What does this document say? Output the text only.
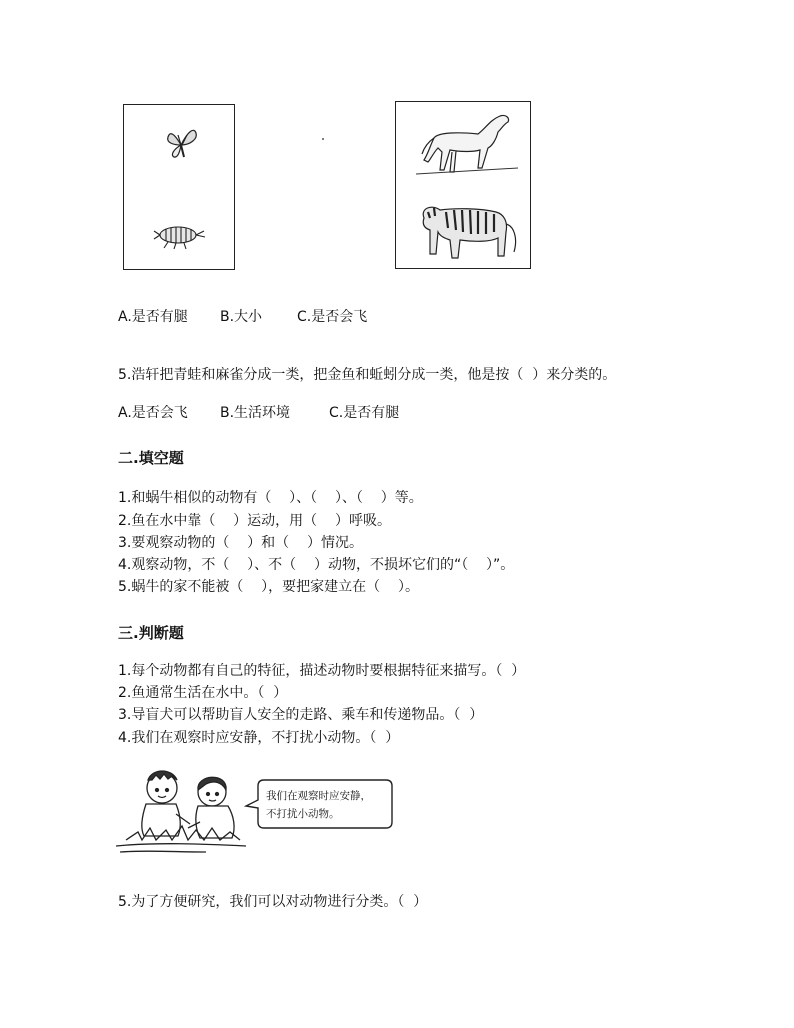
A.是否有腿 B.大小 C.是否会飞
5.浩轩把青蛙和麻雀分成一类，把金鱼和蚯蚓分成一类，他是按（  ）来分类的。
A.是否会飞 B.生活环境	C.是否有腿
二.填空题
1.和蜗牛相似的动物有（    ）、（    ）、（    ）等。
2.鱼在水中靠（    ）运动，用（    ）呼吸。
3.要观察动物的（    ）和（    ）情况。
4.观察动物，不（    ）、不（    ）动物，不损坏它们的“（    ）”。
5.蜗牛的家不能被（    ），要把家建立在（    ）。
三.判断题
1.每个动物都有自己的特征，描述动物时要根据特征来描写。（  ）
2.鱼通常生活在水中。（  ）
3.导盲犬可以帮助盲人安全的走路、乘车和传递物品。（  ）
4.我们在观察时应安静，不打扰小动物。（  ）
我们在观察时应安静，
不打扰小动物。
5.为了方便研究，我们可以对动物进行分类。（  ）
